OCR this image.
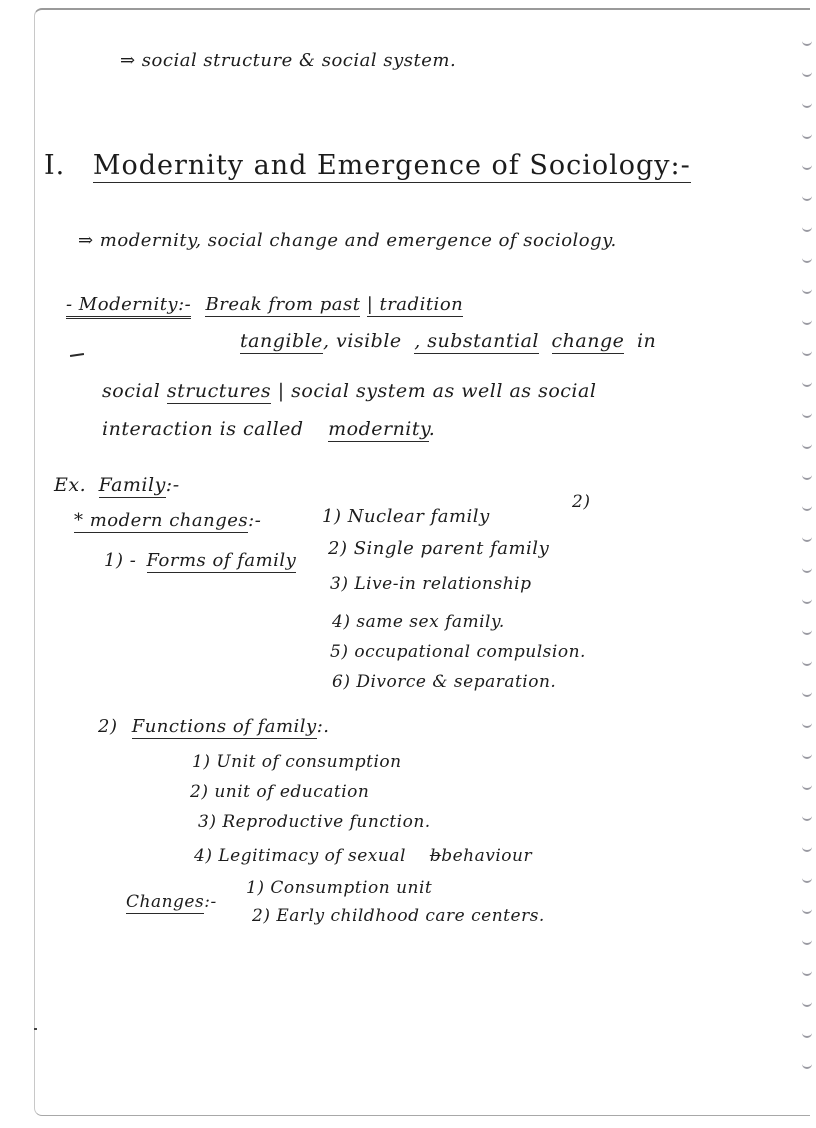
⇒ social structure & social system.
I. Modernity and Emergence of Sociology:-
⇒ modernity, social change and emergence of sociology.
- Modernity:- Break from past | tradition
tangible, visible , substantial change in
social structures | social system as well as social
interaction is called modernity.
Ex. Family:-
* modern changes:-
2)
1) - Forms of family
1) Nuclear family
2) Single parent family
3) Live-in relationship
4) same sex family.
5) occupational compulsion.
6) Divorce & separation.
2) Functions of family:.
1) Unit of consumption
2) unit of education
3) Reproductive function.
4) Legitimacy of sexual bbehaviour
Changes:-
1) Consumption unit
2) Early childhood care centers.
